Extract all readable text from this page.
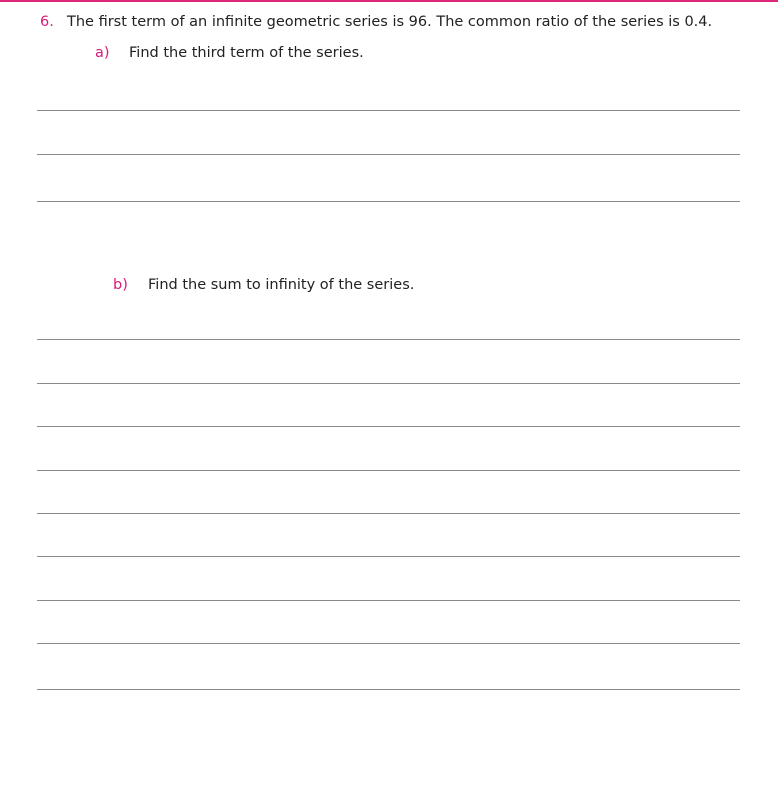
6. The first term of an infinite geometric series is 96. The common ratio of the series is 0.4.
a) Find the third term of the series.
b) Find the sum to infinity of the series.
